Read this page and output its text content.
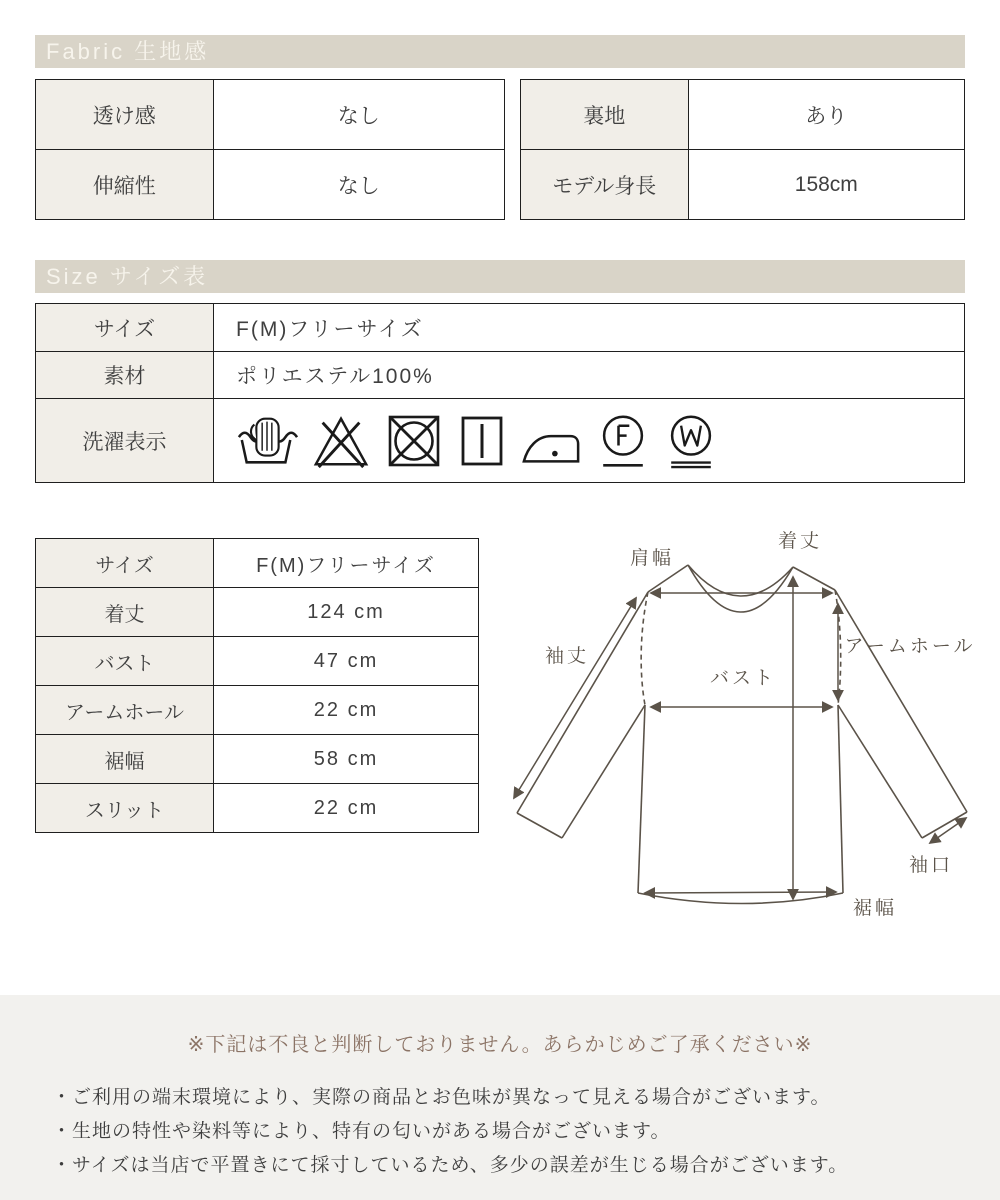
Fabric 生地感
透け感	なし
伸縮性	なし
裏地	あり
モデル身長	158cm
Size サイズ表
サイズ	F(M)フリーサイズ
素材	ポリエステル100%
洗濯表示	
サイズ	F(M)フリーサイズ
着丈	124 cm
バスト	47 cm
アームホール	22 cm
裾幅	58 cm
スリット	22 cm
着丈
肩幅
袖丈	アームホール
バスト
袖口
裾幅
※下記は不良と判断しておりません。あらかじめご了承ください※
・ご利用の端末環境により、実際の商品とお色味が異なって見える場合がございます。
・生地の特性や染料等により、特有の匂いがある場合がございます。
・サイズは当店で平置きにて採寸しているため、多少の誤差が生じる場合がございます。
